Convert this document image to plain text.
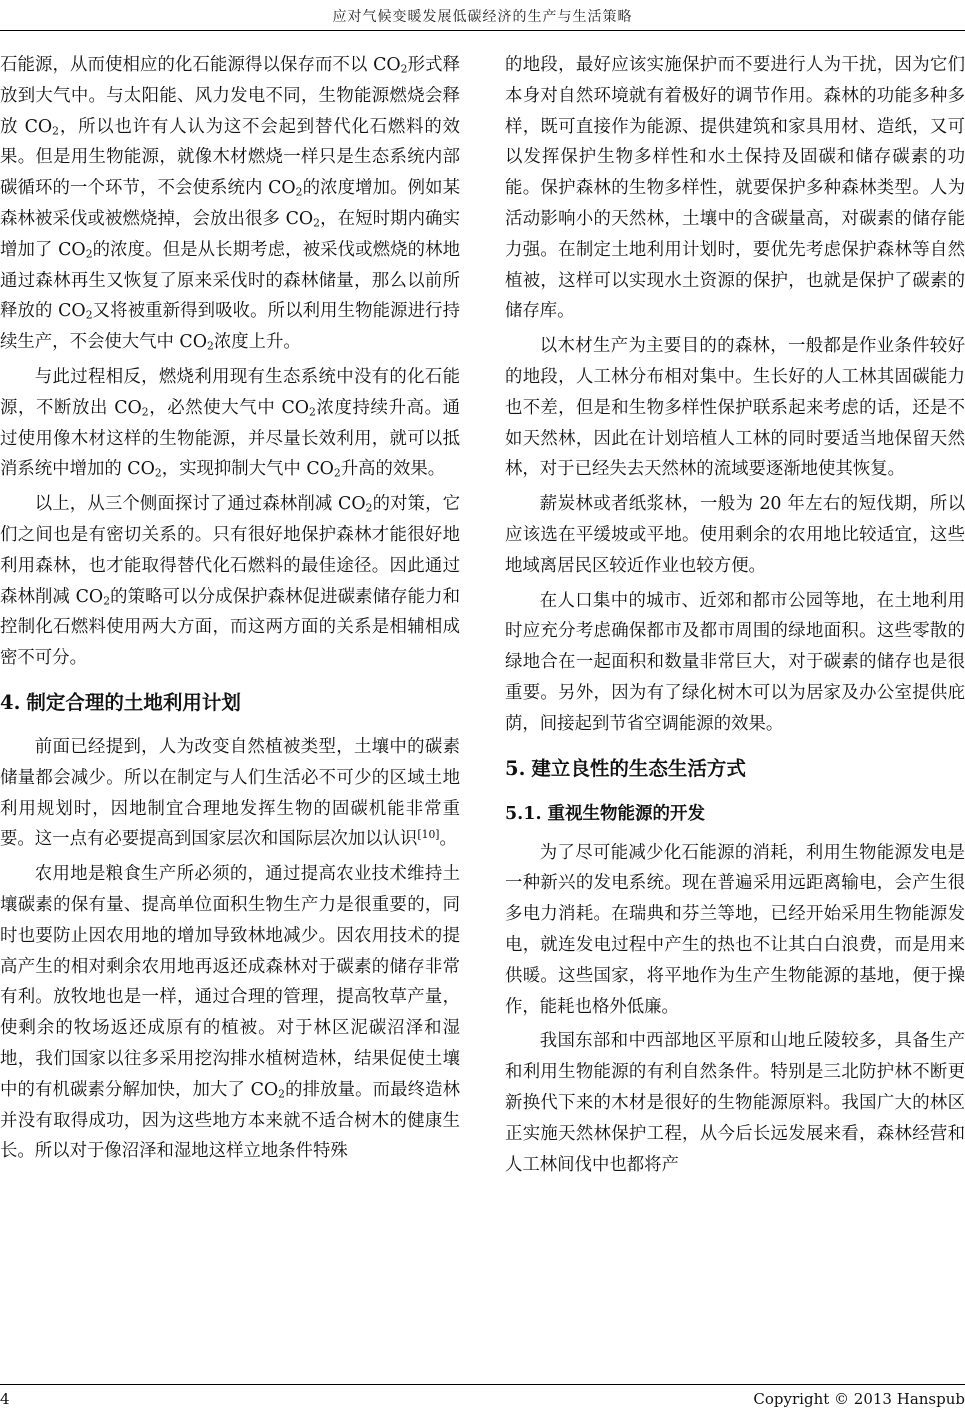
应对气候变暖发展低碳经济的生产与生活策略

石能源，从而使相应的化石能源得以保存而不以 $CO_2$形式释放到大气中。与太阳能、风力发电不同，生物能源燃烧会释放 $CO_2$，所以也许有人认为这不会起到替代化石燃料的效果。但是用生物能源，就像木材燃烧一样只是生态系统内部碳循环的一个环节，不会使系统内 $CO_2$的浓度增加。例如某森林被采伐或被燃烧掉，会放出很多 $CO_2$，在短时期内确实增加了 $CO_2$的浓度。但是从长期考虑，被采伐或燃烧的林地通过森林再生又恢复了原来采伐时的森林储量，那么以前所释放的 $CO_2$又将被重新得到吸收。所以利用生物能源进行持续生产，不会使大气中 $CO_2$浓度上升。

与此过程相反，燃烧利用现有生态系统中没有的化石能源，不断放出 $CO_2$，必然使大气中 $CO_2$浓度持续升高。通过使用像木材这样的生物能源，并尽量长效利用，就可以抵消系统中增加的 $CO_2$，实现抑制大气中 $CO_2$升高的效果。

以上，从三个侧面探讨了通过森林削减 $CO_2$的对策，它们之间也是有密切关系的。只有很好地保护森林才能很好地利用森林，也才能取得替代化石燃料的最佳途径。因此通过森林削减 $CO_2$的策略可以分成保护森林促进碳素储存能力和控制化石燃料使用两大方面，而这两方面的关系是相辅相成密不可分。

4. 制定合理的土地利用计划

前面已经提到，人为改变自然植被类型，土壤中的碳素储量都会减少。所以在制定与人们生活必不可少的区域土地利用规划时，因地制宜合理地发挥生物的固碳机能非常重要。这一点有必要提高到国家层次和国际层次加以认识[10]。

农用地是粮食生产所必须的，通过提高农业技术维持土壤碳素的保有量、提高单位面积生物生产力是很重要的，同时也要防止因农用地的增加导致林地减少。因农用技术的提高产生的相对剩余农用地再返还成森林对于碳素的储存非常有利。放牧地也是一样，通过合理的管理，提高牧草产量，使剩余的牧场返还成原有的植被。对于林区泥碳沼泽和湿地，我们国家以往多采用挖沟排水植树造林，结果促使土壤中的有机碳素分解加快，加大了 $CO_2$的排放量。而最终造林并没有取得成功，因为这些地方本来就不适合树木的健康生长。所以对于像沼泽和湿地这样立地条件特殊

的地段，最好应该实施保护而不要进行人为干扰，因为它们本身对自然环境就有着极好的调节作用。森林的功能多种多样，既可直接作为能源、提供建筑和家具用材、造纸，又可以发挥保护生物多样性和水土保持及固碳和储存碳素的功能。保护森林的生物多样性，就要保护多种森林类型。人为活动影响小的天然林，土壤中的含碳量高，对碳素的储存能力强。在制定土地利用计划时，要优先考虑保护森林等自然植被，这样可以实现水土资源的保护，也就是保护了碳素的储存库。

以木材生产为主要目的的森林，一般都是作业条件较好的地段，人工林分布相对集中。生长好的人工林其固碳能力也不差，但是和生物多样性保护联系起来考虑的话，还是不如天然林，因此在计划培植人工林的同时要适当地保留天然林，对于已经失去天然林的流域要逐渐地使其恢复。

薪炭林或者纸浆林，一般为 20 年左右的短伐期，所以应该选在平缓坡或平地。使用剩余的农用地比较适宜，这些地域离居民区较近作业也较方便。

在人口集中的城市、近郊和都市公园等地，在土地利用时应充分考虑确保都市及都市周围的绿地面积。这些零散的绿地合在一起面积和数量非常巨大，对于碳素的储存也是很重要。另外，因为有了绿化树木可以为居家及办公室提供庇荫，间接起到节省空调能源的效果。

5. 建立良性的生态生活方式
5.1. 重视生物能源的开发

为了尽可能减少化石能源的消耗，利用生物能源发电是一种新兴的发电系统。现在普遍采用远距离输电，会产生很多电力消耗。在瑞典和芬兰等地，已经开始采用生物能源发电，就连发电过程中产生的热也不让其白白浪费，而是用来供暖。这些国家，将平地作为生产生物能源的基地，便于操作，能耗也格外低廉。

我国东部和中西部地区平原和山地丘陵较多，具备生产和利用生物能源的有利自然条件。特别是三北防护林不断更新换代下来的木材是很好的生物能源原料。我国广大的林区正实施天然林保护工程，从今后长远发展来看，森林经营和人工林间伐中也都将产

4	Copyright © 2013 Hanspub
